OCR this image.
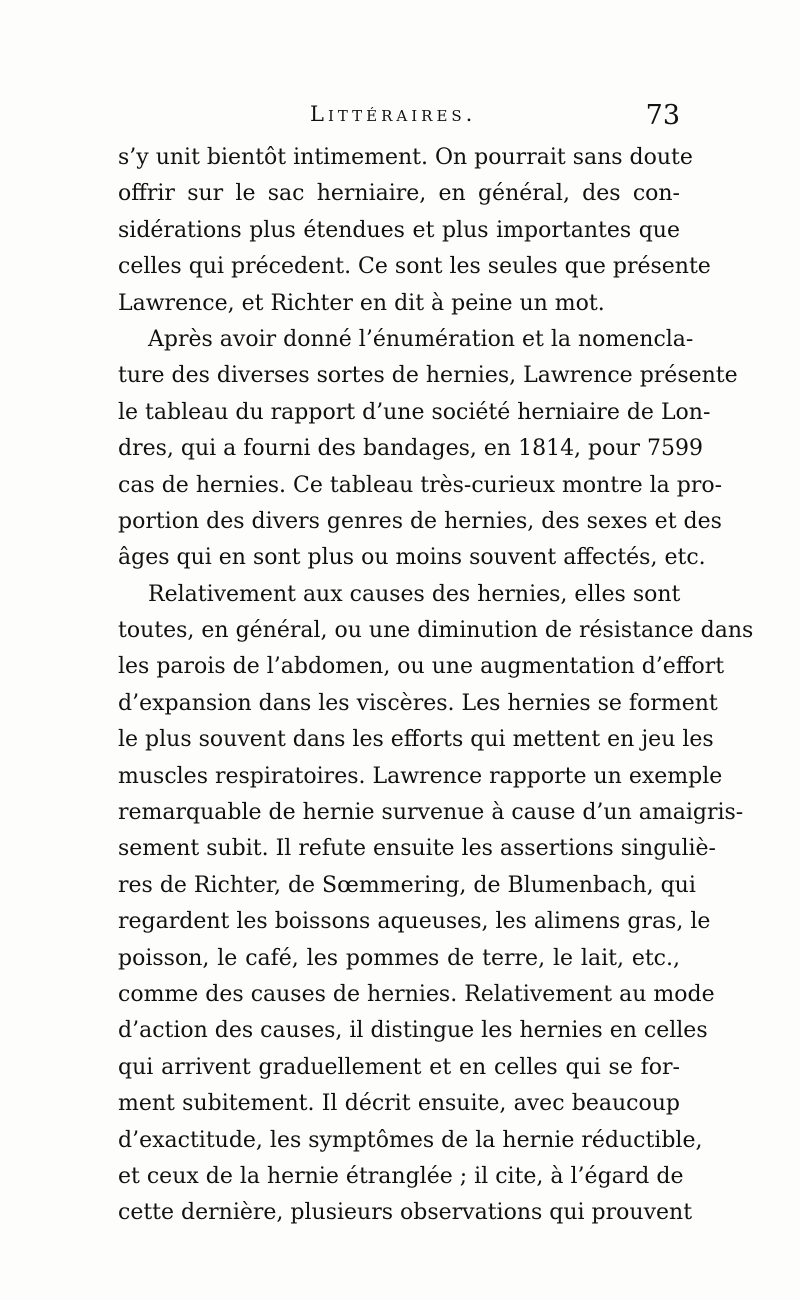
Littéraires.	73
s’y unit bientôt intimement. On pourrait sans doute
offrir sur le sac herniaire, en général, des con-
sidérations plus étendues et plus importantes que
celles qui précedent. Ce sont les seules que présente
Lawrence, et Richter en dit à peine un mot.
Après avoir donné l’énumération et la nomencla-
ture des diverses sortes de hernies, Lawrence présente
le tableau du rapport d’une société herniaire de Lon-
dres, qui a fourni des bandages, en 1814, pour 7599
cas de hernies. Ce tableau très-curieux montre la pro-
portion des divers genres de hernies, des sexes et des
âges qui en sont plus ou moins souvent affectés, etc.
Relativement aux causes des hernies, elles sont
toutes, en général, ou une diminution de résistance dans
les parois de l’abdomen, ou une augmentation d’effort
d’expansion dans les viscères. Les hernies se forment
le plus souvent dans les efforts qui mettent en jeu les
muscles respiratoires. Lawrence rapporte un exemple
remarquable de hernie survenue à cause d’un amaigris-
sement subit. Il refute ensuite les assertions singuliè-
res de Richter, de Sœmmering, de Blumenbach, qui
regardent les boissons aqueuses, les alimens gras, le
poisson, le café, les pommes de terre, le lait, etc.,
comme des causes de hernies. Relativement au mode
d’action des causes, il distingue les hernies en celles
qui arrivent graduellement et en celles qui se for-
ment subitement. Il décrit ensuite, avec beaucoup
d’exactitude, les symptômes de la hernie réductible,
et ceux de la hernie étranglée ; il cite, à l’égard de
cette dernière, plusieurs observations qui prouvent
